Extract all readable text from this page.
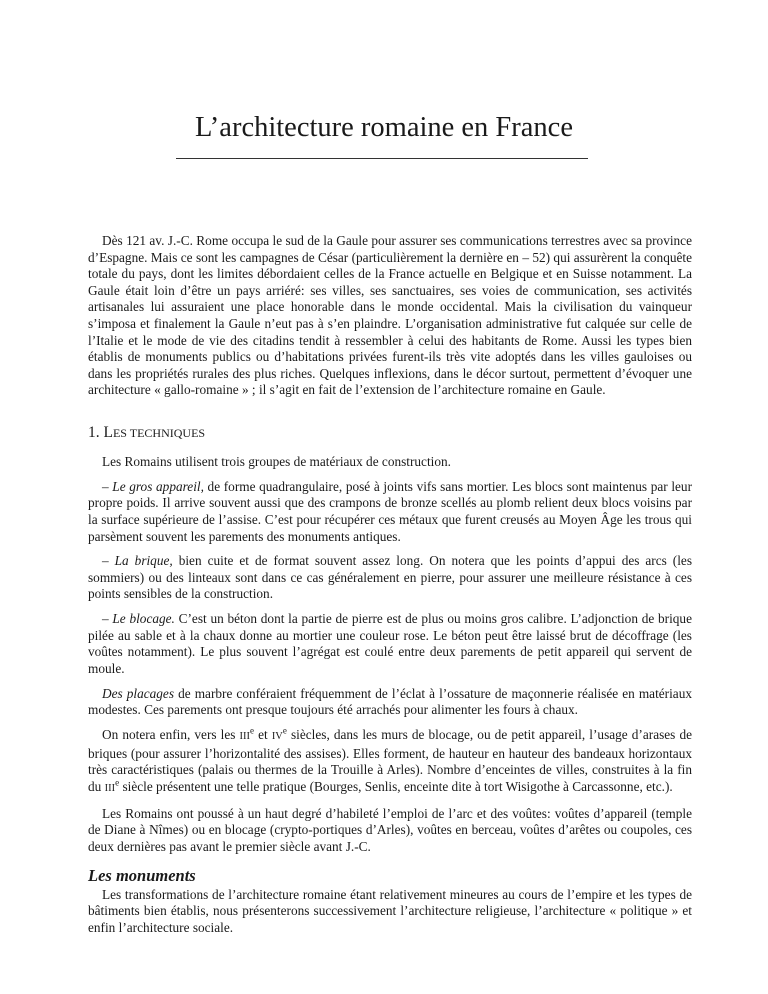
L’architecture romaine en France

Dès 121 av. J.-C. Rome occupa le sud de la Gaule pour assurer ses communications terrestres avec sa province d’Espagne. Mais ce sont les campagnes de César (particulièrement la dernière en – 52) qui assurèrent la conquête totale du pays, dont les limites débordaient celles de la France actuelle en Belgique et en Suisse notamment. La Gaule était loin d’être un pays arriéré: ses villes, ses sanctuaires, ses voies de communication, ses activités artisanales lui assuraient une place honorable dans le monde occidental. Mais la civilisation du vainqueur s’imposa et finalement la Gaule n’eut pas à s’en plaindre. L’organisation administrative fut calquée sur celle de l’Italie et le mode de vie des citadins tendit à ressembler à celui des habitants de Rome. Aussi les types bien établis de monuments publics ou d’habitations privées furent-ils très vite adoptés dans les villes gauloises ou dans les propriétés rurales des plus riches. Quelques inflexions, dans le décor surtout, permettent d’évoquer une architecture « gallo-romaine » ; il s’agit en fait de l’extension de l’architecture romaine en Gaule.

1. LES TECHNIQUES

Les Romains utilisent trois groupes de matériaux de construction.

– Le gros appareil, de forme quadrangulaire, posé à joints vifs sans mortier. Les blocs sont maintenus par leur propre poids. Il arrive souvent aussi que des crampons de bronze scellés au plomb relient deux blocs voisins par la surface supérieure de l’assise. C’est pour récupérer ces métaux que furent creusés au Moyen Âge les trous qui parsèment souvent les parements des monuments antiques.

– La brique, bien cuite et de format souvent assez long. On notera que les points d’appui des arcs (les sommiers) ou des linteaux sont dans ce cas généralement en pierre, pour assurer une meilleure résistance à ces points sensibles de la construction.

– Le blocage. C’est un béton dont la partie de pierre est de plus ou moins gros calibre. L’adjonction de brique pilée au sable et à la chaux donne au mortier une couleur rose. Le béton peut être laissé brut de décoffrage (les voûtes notamment). Le plus souvent l’agrégat est coulé entre deux parements de petit appareil qui servent de moule.

Des placages de marbre conféraient fréquemment de l’éclat à l’ossature de maçonnerie réalisée en matériaux modestes. Ces parements ont presque toujours été arrachés pour alimenter les fours à chaux.

On notera enfin, vers les IIIe et IVe siècles, dans les murs de blocage, ou de petit appareil, l’usage d’arases de briques (pour assurer l’horizontalité des assises). Elles forment, de hauteur en hauteur des bandeaux horizontaux très caractéristiques (palais ou thermes de la Trouille à Arles). Nombre d’enceintes de villes, construites à la fin du IIIe siècle présentent une telle pratique (Bourges, Senlis, enceinte dite à tort Wisigothe à Carcassonne, etc.).

Les Romains ont poussé à un haut degré d’habileté l’emploi de l’arc et des voûtes: voûtes d’appareil (temple de Diane à Nîmes) ou en blocage (crypto-portiques d’Arles), voûtes en berceau, voûtes d’arêtes ou coupoles, ces deux dernières pas avant le premier siècle avant J.-C.

Les monuments

Les transformations de l’architecture romaine étant relativement mineures au cours de l’empire et les types de bâtiments bien établis, nous présenterons successivement l’architecture religieuse, l’architecture « politique » et enfin l’architecture sociale.
